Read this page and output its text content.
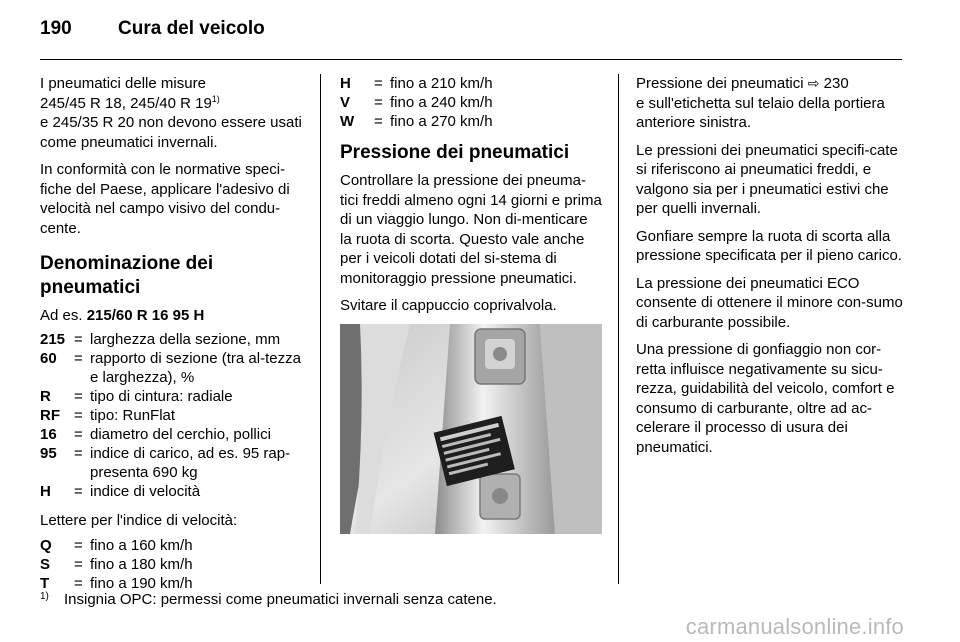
190 Cura del veicolo

I pneumatici delle misure
245/45 R 18, 245/40 R 19$^{1)}$
e 245/35 R 20 non devono essere usati come pneumatici invernali.

In conformità con le normative speci-fiche del Paese, applicare l'adesivo di velocità nel campo visivo del condu-cente.

Denominazione dei pneumatici

Ad es. 215/60 R 16 95 H

215	=	larghezza della sezione, mm
60	=	rapporto di sezione (tra al-tezza e larghezza), %
R	=	tipo di cintura: radiale
RF	=	tipo: RunFlat
16	=	diametro del cerchio, pollici
95	=	indice di carico, ad es. 95 rap-presenta 690 kg
H	=	indice di velocità

Lettere per l'indice di velocità:

Q	=	fino a 160 km/h
S	=	fino a 180 km/h
T	=	fino a 190 km/h
H	=	fino a 210 km/h
V	=	fino a 240 km/h
W	=	fino a 270 km/h
Pressione dei pneumatici

Controllare la pressione dei pneuma-tici freddi almeno ogni 14 giorni e prima di un viaggio lungo. Non di-menticare la ruota di scorta. Questo vale anche per i veicoli dotati del si-stema di monitoraggio pressione pneumatici.

Svitare il cappuccio coprivalvola.

Pressione dei pneumatici ⇨ 230
e sull'etichetta sul telaio della portiera anteriore sinistra.

Le pressioni dei pneumatici specifi-cate si riferiscono ai pneumatici freddi, e valgono sia per i pneumatici estivi che per quelli invernali.

Gonfiare sempre la ruota di scorta alla pressione specificata per il pieno carico.

La pressione dei pneumatici ECO consente di ottenere il minore con-sumo di carburante possibile.

Una pressione di gonfiaggio non cor-retta influisce negativamente su sicu-rezza, guidabilità del veicolo, comfort e consumo di carburante, oltre ad ac-celerare il processo di usura dei pneumatici.

1) Insignia OPC: permessi come pneumatici invernali senza catene.
carmanualsonline.info
